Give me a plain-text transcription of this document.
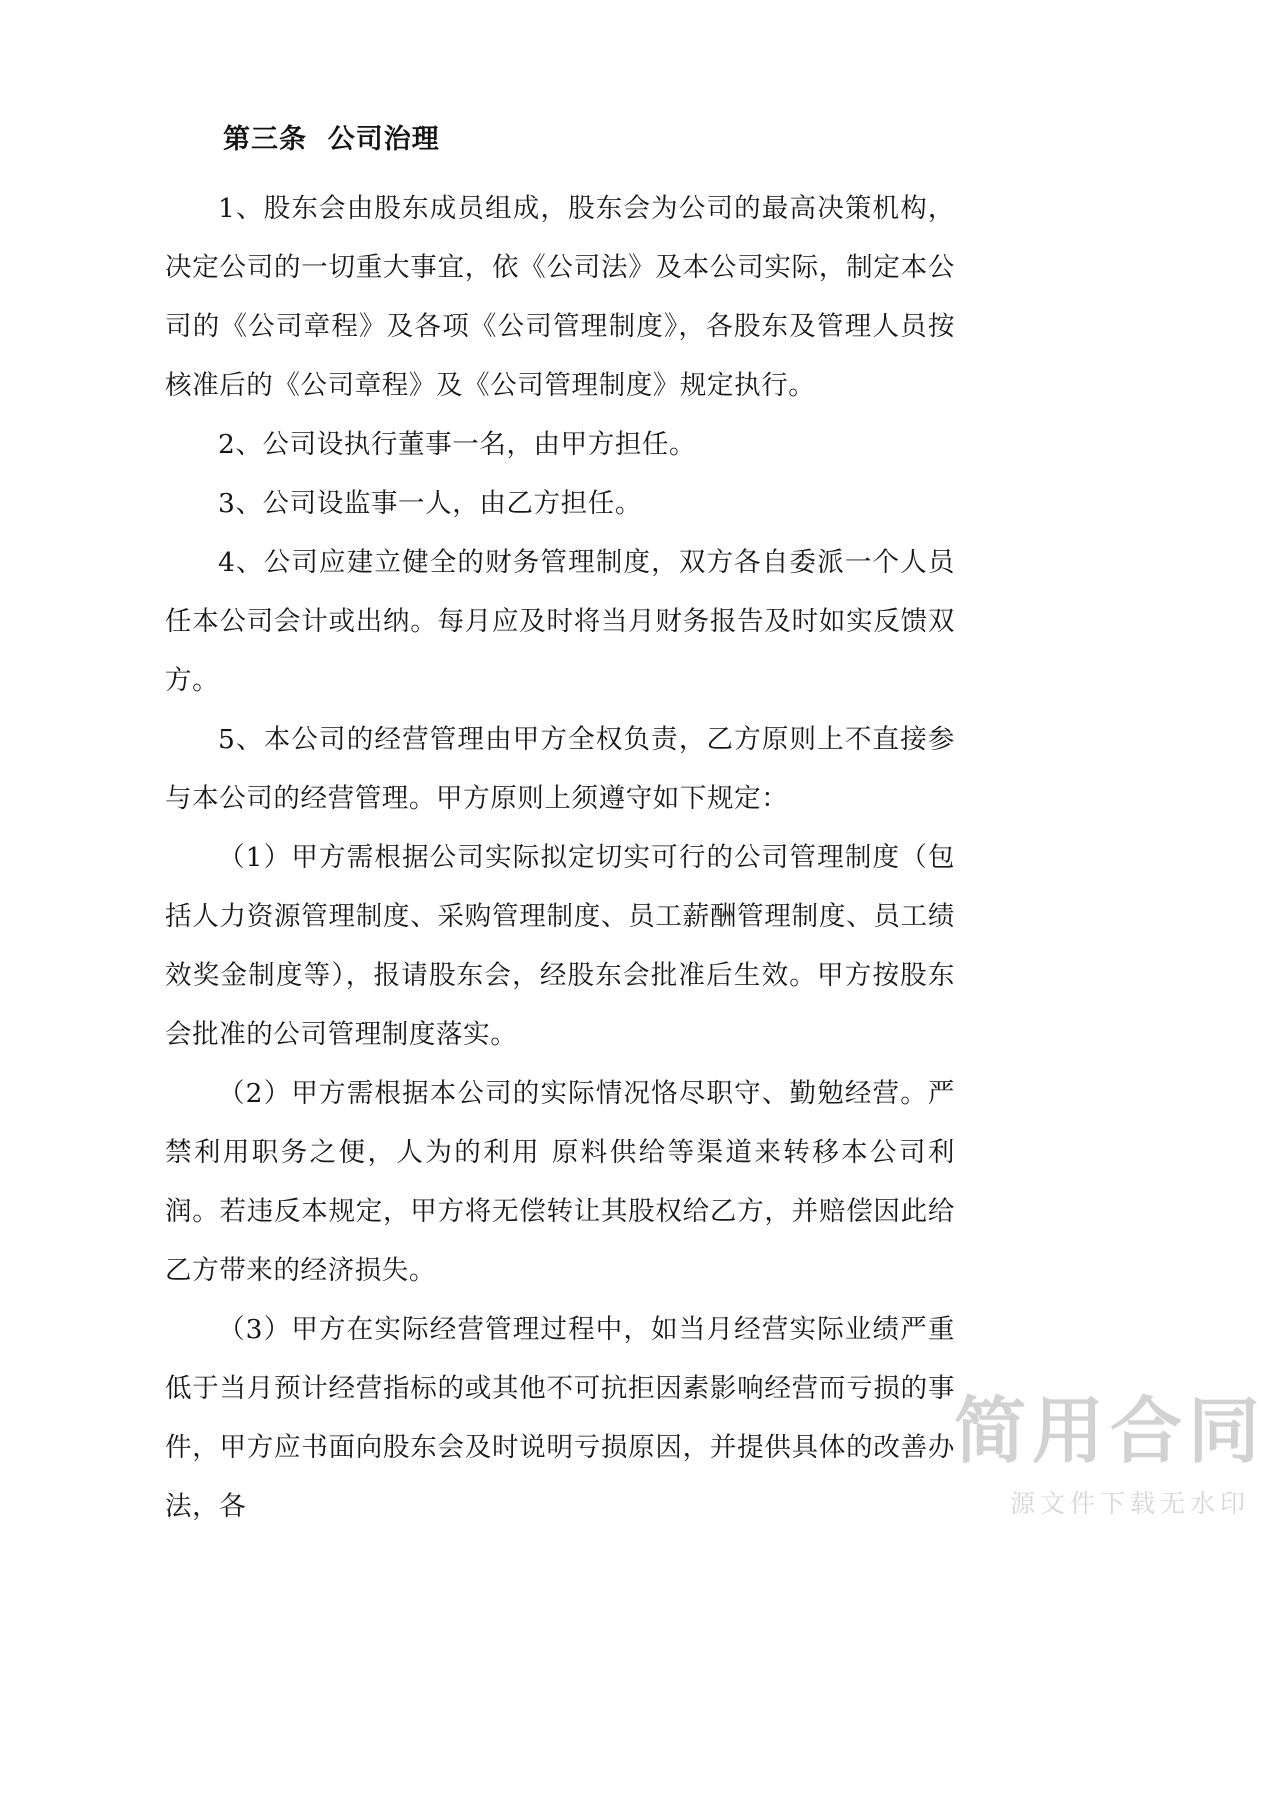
第三条  公司治理

1、股东会由股东成员组成，股东会为公司的最高决策机构，决定公司的一切重大事宜，依《公司法》及本公司实际，制定本公司的《公司章程》及各项《公司管理制度》，各股东及管理人员按核准后的《公司章程》及《公司管理制度》规定执行。

2、公司设执行董事一名，由甲方担任。

3、公司设监事一人，由乙方担任。

4、公司应建立健全的财务管理制度，双方各自委派一个人员任本公司会计或出纳。每月应及时将当月财务报告及时如实反馈双方。

5、本公司的经营管理由甲方全权负责，乙方原则上不直接参与本公司的经营管理。甲方原则上须遵守如下规定：

（1）甲方需根据公司实际拟定切实可行的公司管理制度（包括人力资源管理制度、采购管理制度、员工薪酬管理制度、员工绩效奖金制度等），报请股东会，经股东会批准后生效。甲方按股东会批准的公司管理制度落实。

（2）甲方需根据本公司的实际情况恪尽职守、勤勉经营。严禁利用职务之便，人为的利用 原料供给等渠道来转移本公司利润。若违反本规定，甲方将无偿转让其股权给乙方，并赔偿因此给乙方带来的经济损失。

（3）甲方在实际经营管理过程中，如当月经营实际业绩严重低于当月预计经营指标的或其他不可抗拒因素影响经营而亏损的事件，甲方应书面向股东会及时说明亏损原因，并提供具体的改善办法，各

简用合同
源文件下载无水印
